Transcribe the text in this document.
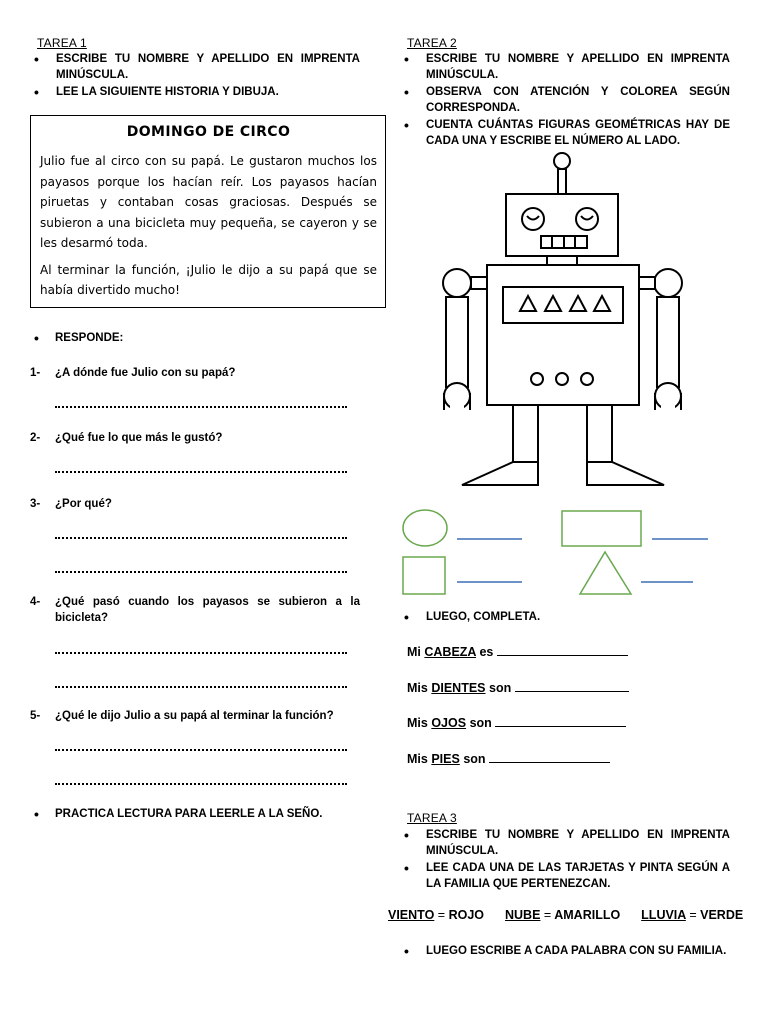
TAREA 1
• ESCRIBE TU NOMBRE Y APELLIDO EN IMPRENTA MINÚSCULA.
• LEE LA SIGUIENTE HISTORIA Y DIBUJA.
DOMINGO DE CIRCO

Julio fue al circo con su papá. Le gustaron muchos los payasos porque los hacían reír. Los payasos hacían piruetas y contaban cosas graciosas. Después se subieron a una bicicleta muy pequeña, se cayeron y se les desarmó toda.

Al terminar la función, ¡Julio le dijo a su papá que se había divertido mucho!

• RESPONDE:
1-	¿A dónde fue Julio con su papá?
2-	¿Qué fue lo que más le gustó?
3-	¿Por qué?
4-	¿Qué pasó cuando los payasos se subieron a la bicicleta?
5-	¿Qué le dijo Julio a su papá al terminar la función?
• PRACTICA LECTURA PARA LEERLE A LA SEÑO.
TAREA 2
• ESCRIBE TU NOMBRE Y APELLIDO EN IMPRENTA MINÚSCULA.
• OBSERVA CON ATENCIÓN Y COLOREA SEGÚN CORRESPONDA.
• CUENTA CUÁNTAS FIGURAS GEOMÉTRICAS HAY DE CADA UNA Y ESCRIBE EL NÚMERO AL LADO.
• LUEGO, COMPLETA.
Mi CABEZA es
Mis DIENTES son
Mis OJOS son
Mis PIES son
TAREA 3
• ESCRIBE TU NOMBRE Y APELLIDO EN IMPRENTA MINÚSCULA.
• LEE CADA UNA DE LAS TARJETAS Y PINTA SEGÚN A LA FAMILIA QUE PERTENEZCAN.
VIENTO = ROJO NUBE = AMARILLO LLUVIA = VERDE
• LUEGO ESCRIBE A CADA PALABRA CON SU FAMILIA.
